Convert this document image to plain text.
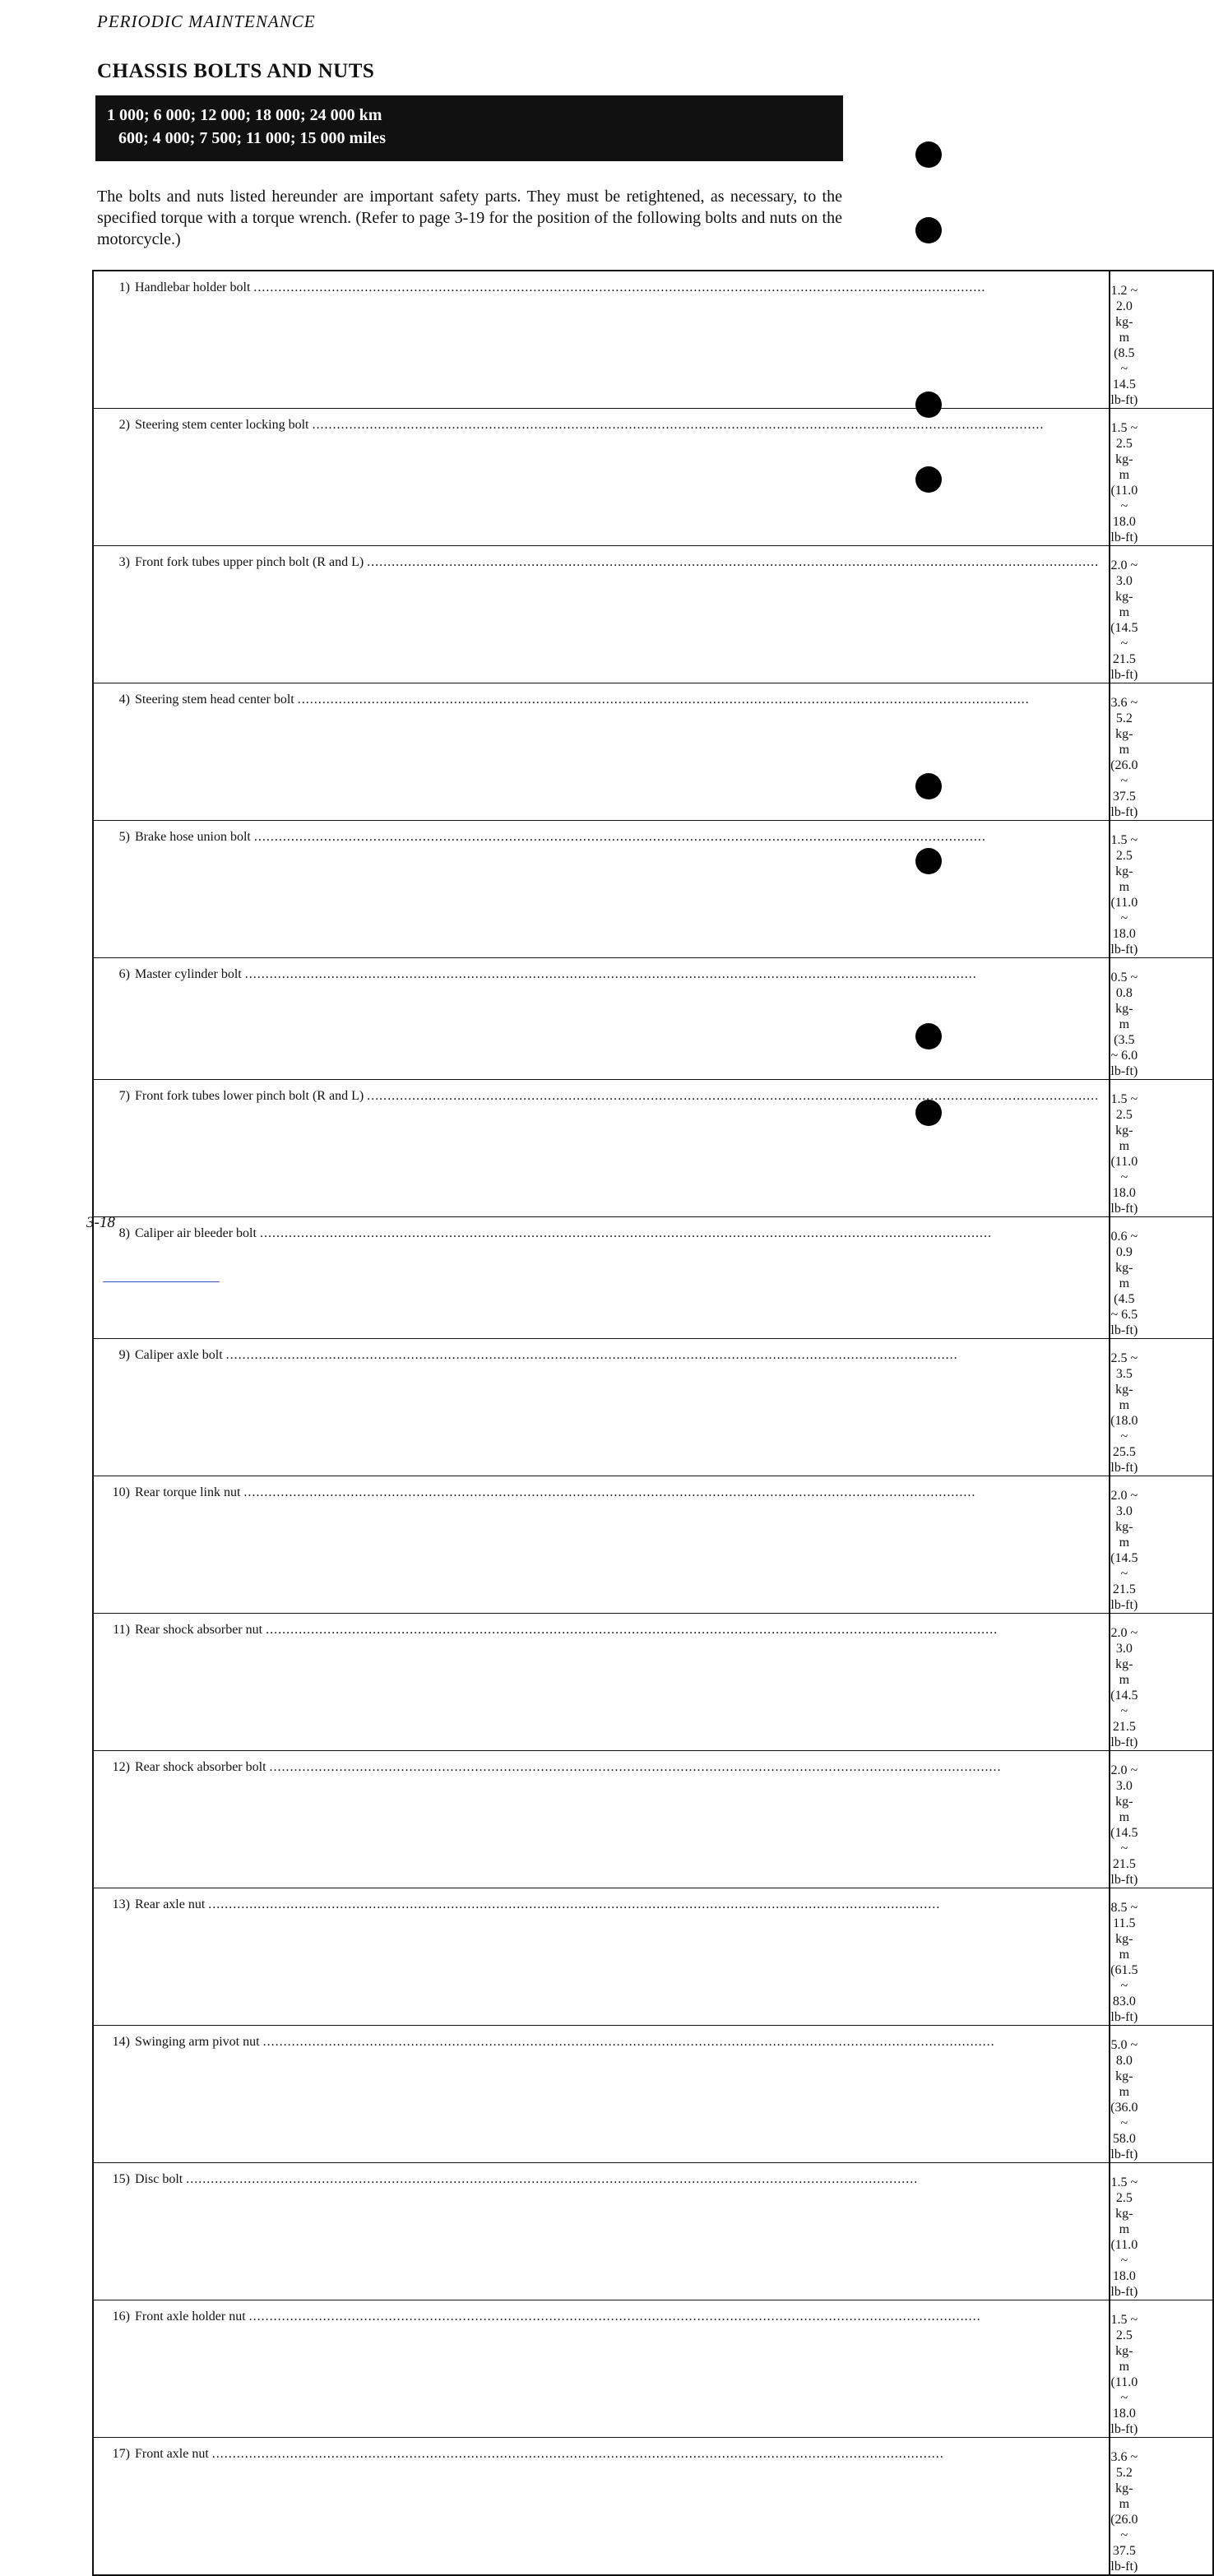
PERIODIC MAINTENANCE
CHASSIS BOLTS AND NUTS
1 000; 6 000; 12 000; 18 000; 24 000 km
600; 4 000; 7 500; 11 000; 15 000 miles

The bolts and nuts listed hereunder are important safety parts. They must be retightened, as necessary, to the specified torque with a torque wrench. (Refer to page 3-19 for the position of the following bolts and nuts on the motorcycle.)

1) Handlebar holder bolt
.....	1.2 ~ 2.0 kg-m
(8.5 ~ 14.5 lb-ft)

2) Steering stem center locking bolt
.....	1.5 ~ 2.5 kg-m
(11.0 ~ 18.0 lb-ft)

3) Front fork tubes upper pinch bolt (R and L)
.....	2.0 ~ 3.0 kg-m
(14.5 ~ 21.5 lb-ft)

4) Steering stem head center bolt
.....	3.6 ~ 5.2 kg-m
(26.0 ~ 37.5 lb-ft)

5) Brake hose union bolt
.....	1.5 ~ 2.5 kg-m
(11.0 ~ 18.0 lb-ft)

6) Master cylinder bolt
.....	0.5 ~ 0.8 kg-m
(3.5 ~ 6.0 lb-ft)

7) Front fork tubes lower pinch bolt (R and L)
.....	1.5 ~ 2.5 kg-m
(11.0 ~ 18.0 lb-ft)

8) Caliper air bleeder bolt
.....	0.6 ~ 0.9 kg-m
(4.5 ~ 6.5 lb-ft)

9) Caliper axle bolt
.....	2.5 ~ 3.5 kg-m
(18.0 ~ 25.5 lb-ft)

10) Rear torque link nut
.....	2.0 ~ 3.0 kg-m
(14.5 ~ 21.5 lb-ft)

11) Rear shock absorber nut
.....	2.0 ~ 3.0 kg-m
(14.5 ~ 21.5 lb-ft)

12) Rear shock absorber bolt
.....	2.0 ~ 3.0 kg-m
(14.5 ~ 21.5 lb-ft)

13) Rear axle nut
.....	8.5 ~ 11.5 kg-m
(61.5 ~ 83.0 lb-ft)

14) Swinging arm pivot nut
.....	5.0 ~ 8.0 kg-m
(36.0 ~ 58.0 lb-ft)

15) Disc bolt
.....	1.5 ~ 2.5 kg-m
(11.0 ~ 18.0 lb-ft)

16) Front axle holder nut
.....	1.5 ~ 2.5 kg-m
(11.0 ~ 18.0 lb-ft)

17) Front axle nut
.....	3.6 ~ 5.2 kg-m
(26.0 ~ 37.5 lb-ft)
3-18
